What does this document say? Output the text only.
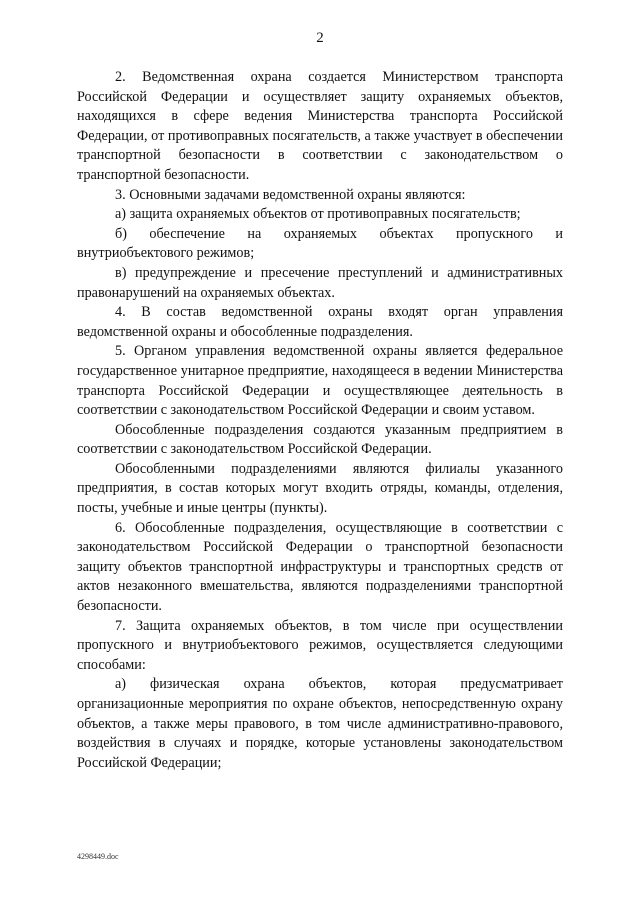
2

2. Ведомственная охрана создается Министерством транспорта Российской Федерации и осуществляет защиту охраняемых объектов, находящихся в сфере ведения Министерства транспорта Российской Федерации, от противоправных посягательств, а также участвует в обеспечении транспортной безопасности в соответствии с законодательством о транспортной безопасности.

3. Основными задачами ведомственной охраны являются:

а) защита охраняемых объектов от противоправных посягательств;

б) обеспечение на охраняемых объектах пропускного и внутриобъектового режимов;

в) предупреждение и пресечение преступлений и административных правонарушений на охраняемых объектах.

4. В состав ведомственной охраны входят орган управления ведомственной охраны и обособленные подразделения.

5. Органом управления ведомственной охраны является федеральное государственное унитарное предприятие, находящееся в ведении Министерства транспорта Российской Федерации и осуществляющее деятельность в соответствии с законодательством Российской Федерации и своим уставом.

Обособленные подразделения создаются указанным предприятием в соответствии с законодательством Российской Федерации.

Обособленными подразделениями являются филиалы указанного предприятия, в состав которых могут входить отряды, команды, отделения, посты, учебные и иные центры (пункты).

6. Обособленные подразделения, осуществляющие в соответствии с законодательством Российской Федерации о транспортной безопасности защиту объектов транспортной инфраструктуры и транспортных средств от актов незаконного вмешательства, являются подразделениями транспортной безопасности.

7. Защита охраняемых объектов, в том числе при осуществлении пропускного и внутриобъектового режимов, осуществляется следующими способами:

а) физическая охрана объектов, которая предусматривает организационные мероприятия по охране объектов, непосредственную охрану объектов, а также меры правового, в том числе административно-правового, воздействия в случаях и порядке, которые установлены законодательством Российской Федерации;

4298449.doc
